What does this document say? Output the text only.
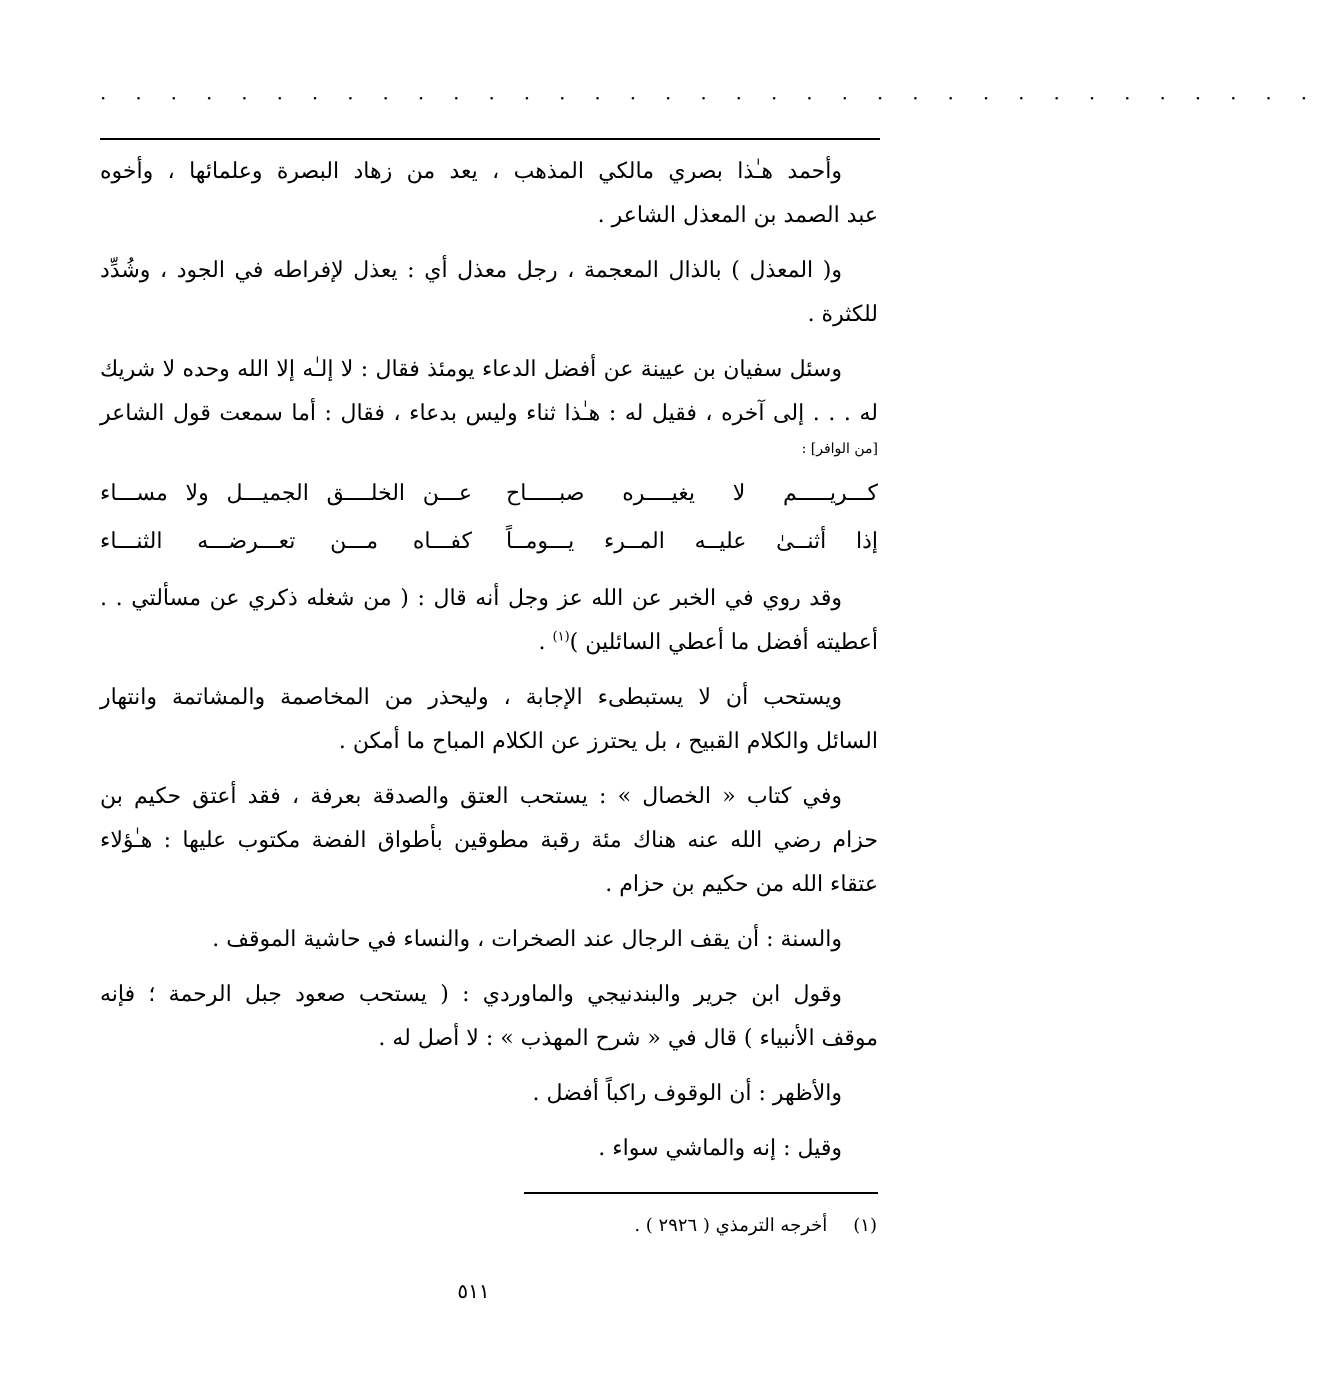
· · · · · · · · · · · · · · · · · · · · · · · · · · · · · · · · · · ·
وأحمد هـٰذا بصري مالكي المذهب ، يعد من زهاد البصرة وعلمائها ، وأخوه
عبد الصمد بن المعذل الشاعر .
و( المعذل ) بالذال المعجمة ، رجل معذل أي : يعذل لإفراطه في الجود ، وشُدِّد
للكثرة .
وسئل سفيان بن عيينة عن أفضل الدعاء يومئذ فقال : لا إلـٰه إلا الله وحده لا شريك
له . . . إلى آخره ، فقيل له : هـٰذا ثناء وليس بدعاء ، فقال : أما سمعت قول الشاعر
[من الوافر] :
كـــريـــــم لا يغيــــره صبـــــاح
عـــن الخلــــق الجميـــل ولا مســـاء
إذا أثنــىٰ عليــه المــرء يـــومــاً
كفـــاه مـــن تعـــرضـــه الثنـــاء
وقد روي في الخبر عن الله عز وجل أنه قال : ( من شغله ذكري عن مسألتي . .
أعطيته أفضل ما أعطي السائلين )$^{(١)}$ .
ويستحب أن لا يستبطىء الإجابة ، وليحذر من المخاصمة والمشاتمة وانتهار
السائل والكلام القبيح ، بل يحترز عن الكلام المباح ما أمكن .
وفي كتاب « الخصال » : يستحب العتق والصدقة بعرفة ، فقد أعتق حكيم بن
حزام رضي الله عنه هناك مئة رقبة مطوقين بأطواق الفضة مكتوب عليها : هـٰؤلاء
عتقاء الله من حكيم بن حزام .
والسنة : أن يقف الرجال عند الصخرات ، والنساء في حاشية الموقف .
وقول ابن جرير والبندنيجي والماوردي : ( يستحب صعود جبل الرحمة ؛ فإنه
موقف الأنبياء ) قال في « شرح المهذب » : لا أصل له .
والأظهر : أن الوقوف راكباً أفضل .
وقيل : إنه والماشي سواء .
(١)أخرجه الترمذي ( ٢٩٢٦ ) .
٥١١
